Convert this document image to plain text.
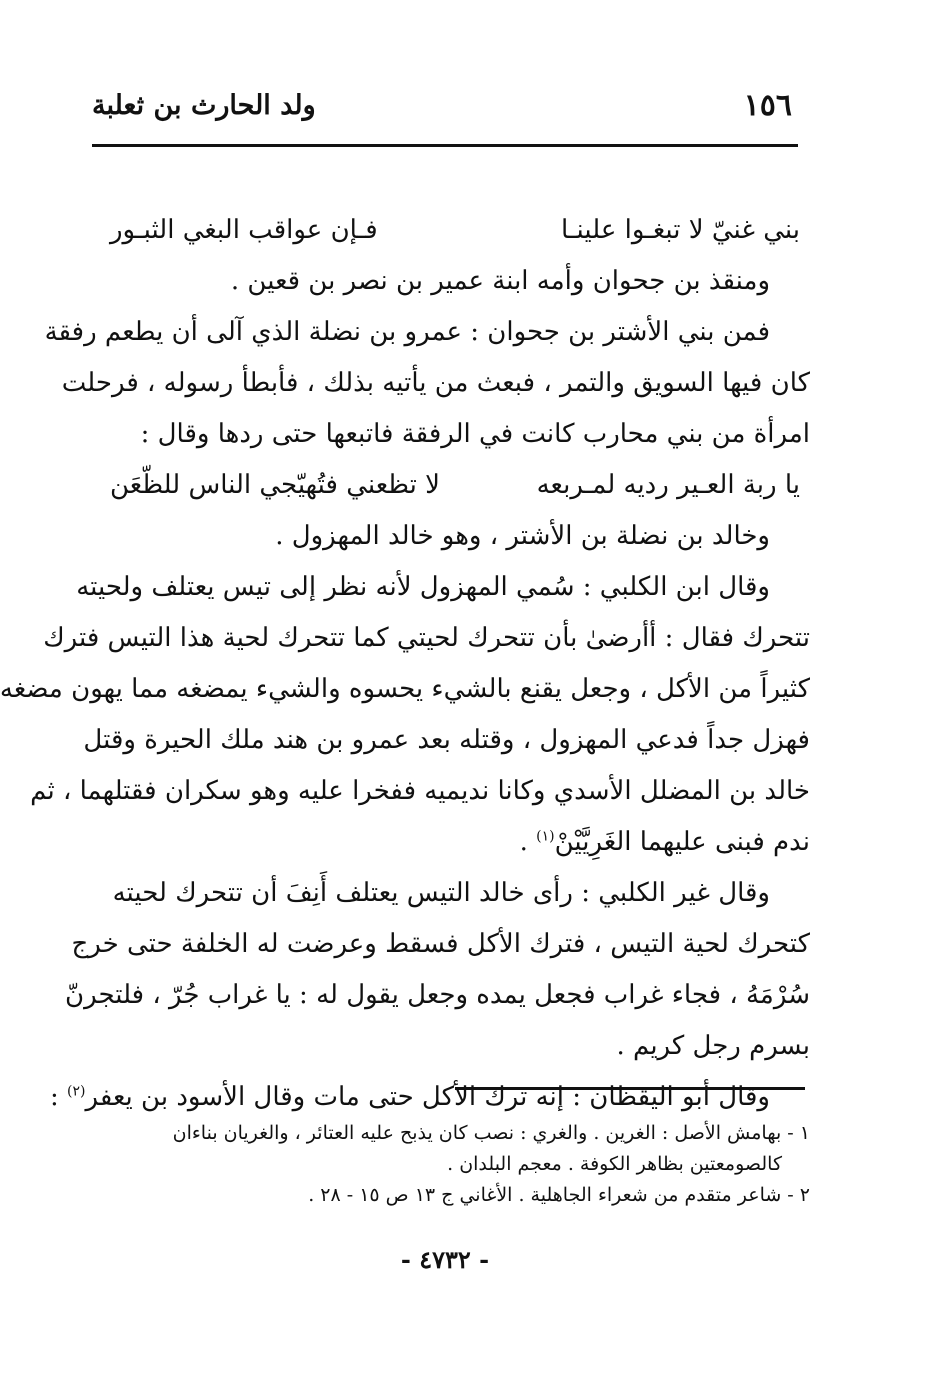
١٥٦
ولد الحارث بن ثعلبة
بني غنيّ لا تبغـوا علينـا
فـإن عواقب البغي الثبـور
ومنقذ بن جحوان وأمه ابنة عمير بن نصر بن قعين .
فمن بني الأشتر بن جحوان : عمرو بن نضلة الذي آلى أن يطعم رفقة
كان فيها السويق والتمر ، فبعث من يأتيه بذلك ، فأبطأ رسوله ، فرحلت
امرأة من بني محارب كانت في الرفقة فاتبعها حتى ردها وقال :
يا ربة العـير رديه لمـربعه
لا تظعني فتُهيّجي الناس للظّعَن
وخالد بن نضلة بن الأشتر ، وهو خالد المهزول .
وقال ابن الكلبي : سُمي المهزول لأنه نظر إلى تيس يعتلف ولحيته
تتحرك فقال : أأرضىٰ بأن تتحرك لحيتي كما تتحرك لحية هذا التيس فترك
كثيراً من الأكل ، وجعل يقنع بالشيء يحسوه والشيء يمضغه مما يهون مضغه
فهزل جداً فدعي المهزول ، وقتله بعد عمرو بن هند ملك الحيرة وقتل
خالد بن المضلل الأسدي وكانا نديميه ففخرا عليه وهو سكران فقتلهما ، ثم
ندم فبنى عليهما الغَرِيَّيْنْ$^{(١)}$ .
وقال غير الكلبي : رأى خالد التيس يعتلف أَنِفَ أن تتحرك لحيته
كتحرك لحية التيس ، فترك الأكل فسقط وعرضت له الخلفة حتى خرج
سُرْمَهُ ، فجاء غراب فجعل يمده وجعل يقول له : يا غراب جُرّ ، فلتجرنّ
بسرم رجل كريم .
وقال أبو اليقظان : إنه ترك الأكل حتى مات وقال الأسود بن يعفر$^{(٢)}$ :
١ - بهامش الأصل : الغرين . والغري : نصب كان يذبح عليه العتائر ، والغريان بناءان
كالصومعتين بظاهر الكوفة . معجم البلدان .
٢ - شاعر متقدم من شعراء الجاهلية . الأغاني ج ١٣ ص ١٥ - ٢٨ .
- ٤٧٣٢ -
